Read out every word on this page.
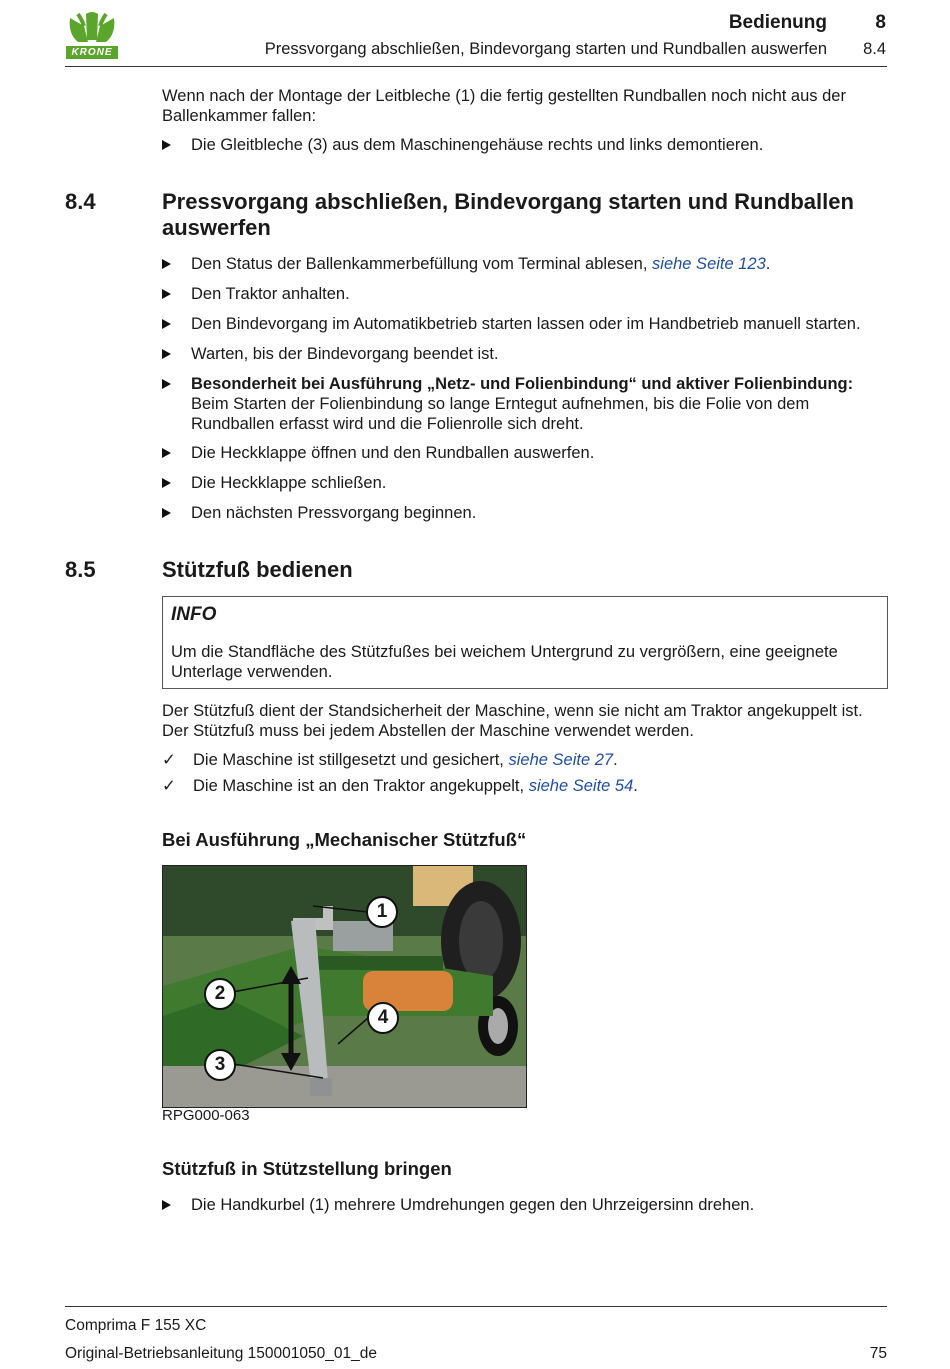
KRONE
Bedienung	8
Pressvorgang abschließen, Bindevorgang starten und Rundballen auswerfen 8.4
Wenn nach der Montage der Leitbleche (1) die fertig gestellten Rundballen noch nicht aus der Ballenkammer fallen:
Die Gleitbleche (3) aus dem Maschinengehäuse rechts und links demontieren.
8.4	Pressvorgang abschließen, Bindevorgang starten und Rundballen auswerfen
Den Status der Ballenkammerbefüllung vom Terminal ablesen, siehe Seite 123.
Den Traktor anhalten.
Den Bindevorgang im Automatikbetrieb starten lassen oder im Handbetrieb manuell starten.
Warten, bis der Bindevorgang beendet ist.
Besonderheit bei Ausführung „Netz- und Folienbindung“ und aktiver Folienbindung:
Beim Starten der Folienbindung so lange Erntegut aufnehmen, bis die Folie von dem Rundballen erfasst wird und die Folienrolle sich dreht.
Die Heckklappe öffnen und den Rundballen auswerfen.
Die Heckklappe schließen.
Den nächsten Pressvorgang beginnen.
8.5	Stützfuß bedienen
INFO
Um die Standfläche des Stützfußes bei weichem Untergrund zu vergrößern, eine geeignete Unterlage verwenden.
Der Stützfuß dient der Standsicherheit der Maschine, wenn sie nicht am Traktor angekuppelt ist. Der Stützfuß muss bei jedem Abstellen der Maschine verwendet werden.
✓ Die Maschine ist stillgesetzt und gesichert, siehe Seite 27.
✓ Die Maschine ist an den Traktor angekuppelt, siehe Seite 54.
Bei Ausführung „Mechanischer Stützfuß“
1
2
3
4
RPG000-063
Stützfuß in Stützstellung bringen
Die Handkurbel (1) mehrere Umdrehungen gegen den Uhrzeigersinn drehen.
Comprima F 155 XC
Original-Betriebsanleitung 150001050_01_de	75
